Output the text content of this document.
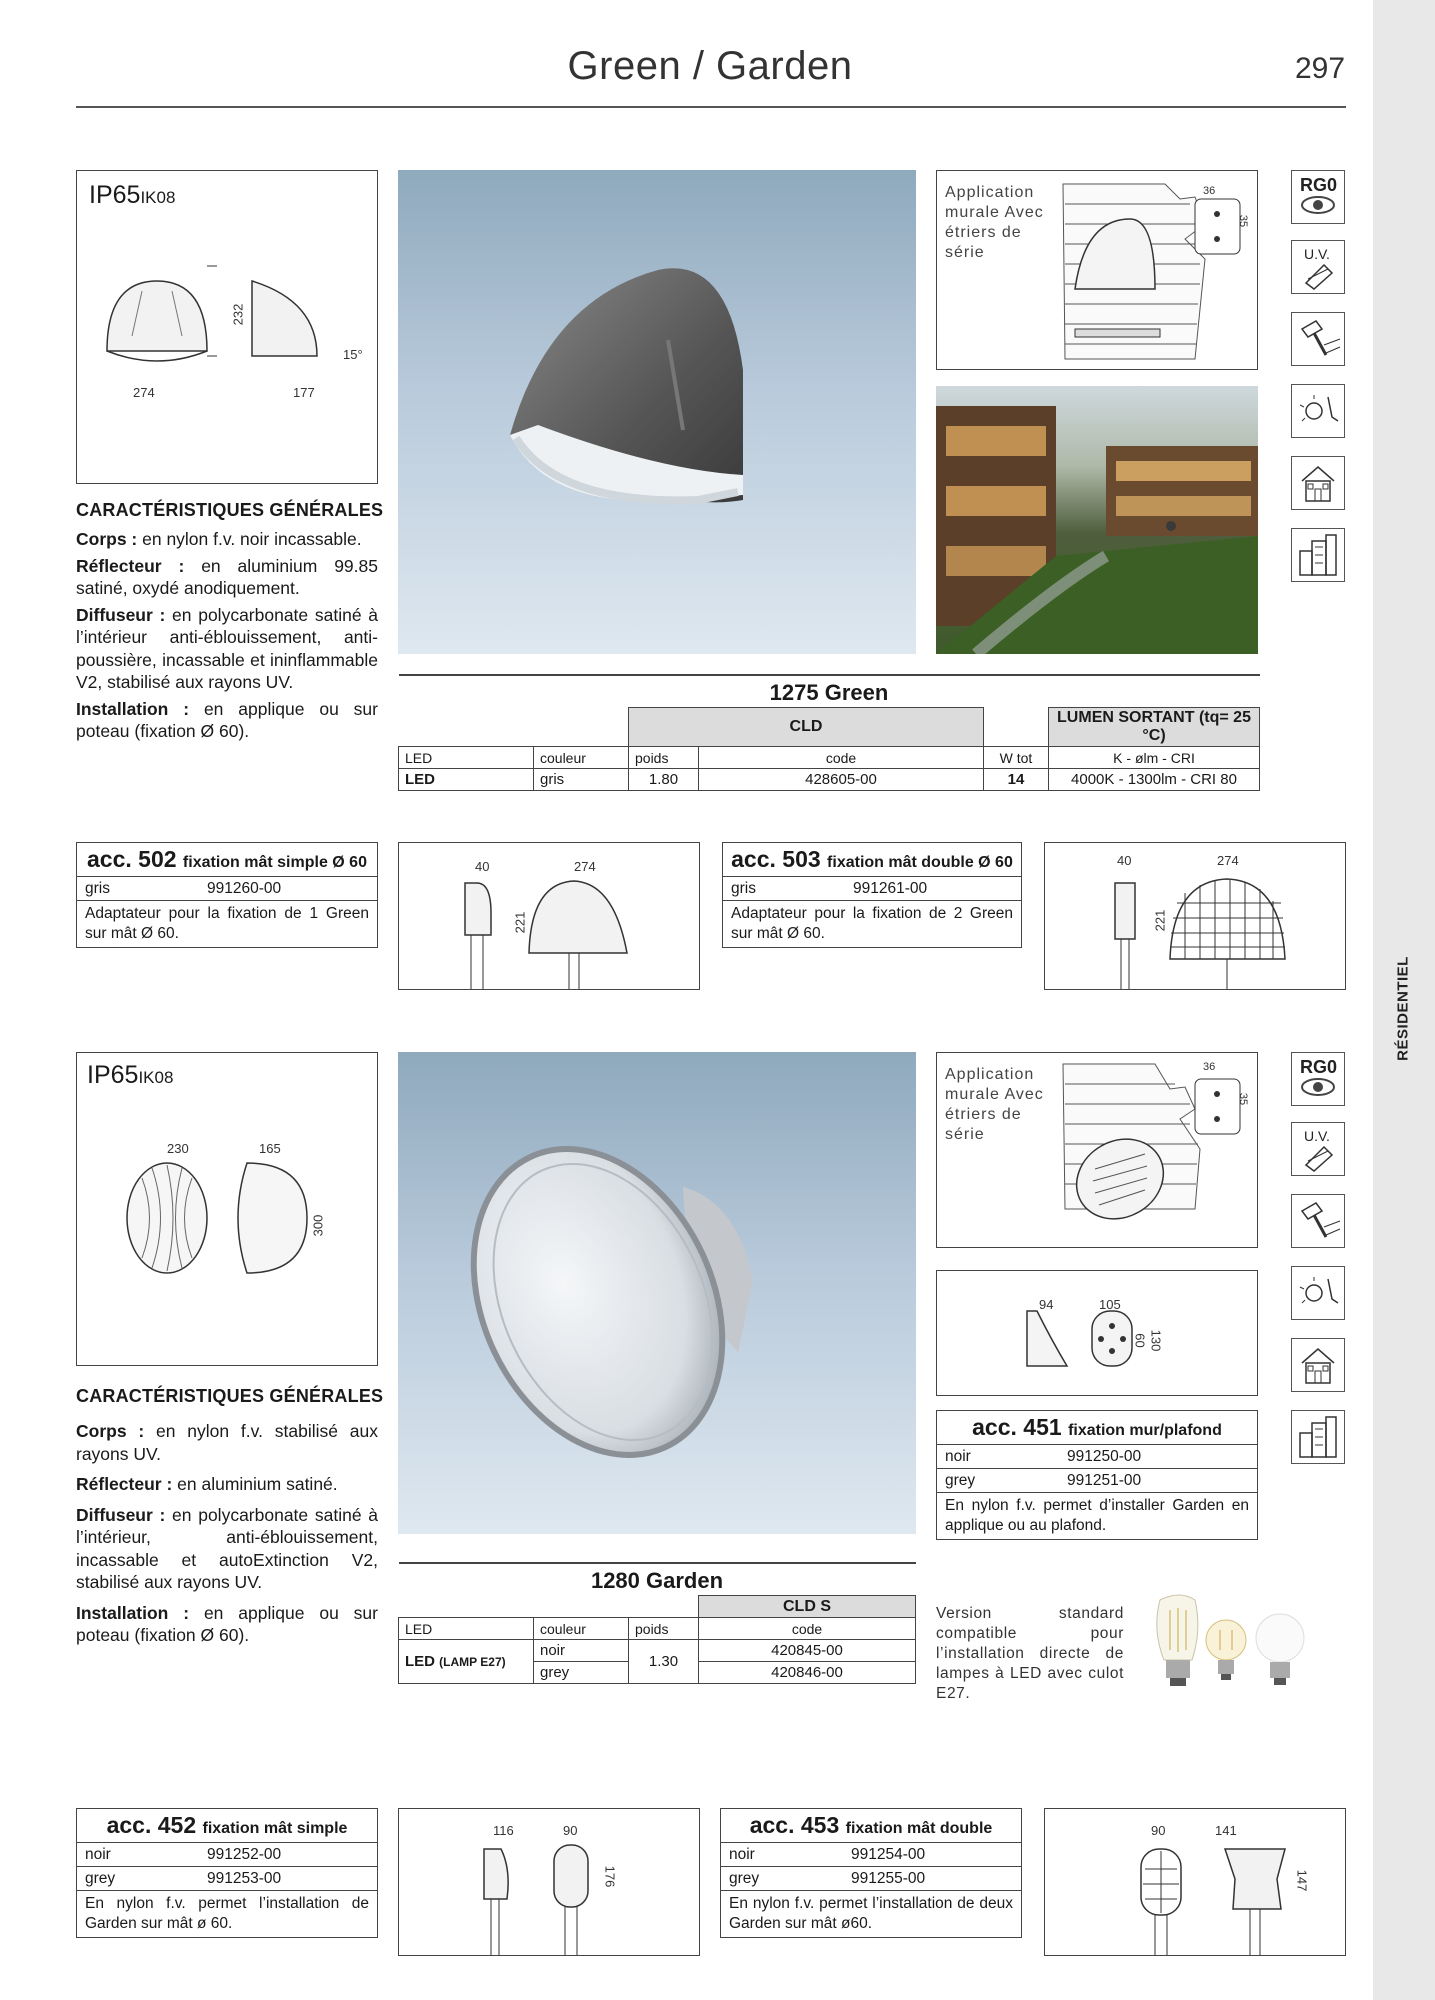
Green / Garden	297
RÉSIDENTIEL
IP65IK08
232
15°
274	177
CARACTÉRISTIQUES GÉNÉRALES

Corps : en nylon f.v. noir incassable.

Réflecteur : en aluminium 99.85 satiné, oxydé anodiquement.

Diffuseur : en polycarbonate satiné à l’intérieur anti-éblouissement, anti-poussière, incassable et ininflammable V2, stabilisé aux rayons UV.

Installation : en applique ou sur poteau (fixation Ø 60).

Application murale Avec étriers de série
36
35
RG0
U.V.
1275 Green					
		CLD			LUMEN SORTANT (tq= 25 °C)
LED	couleur	poids	code	W tot	K - ølm - CRI
LED	gris	1.80	428605-00	14	4000K - 1300lm - CRI 80
acc. 502 fixation mât simple Ø 60
gris	991260-00
Adaptateur pour la fixation de 1 Green sur mât Ø 60.
40	274
221
acc. 503 fixation mât double Ø 60
gris	991261-00
Adaptateur pour la fixation de 2 Green sur mât Ø 60.
40	274
221
IP65IK08
230	165
300
CARACTÉRISTIQUES GÉNÉRALES

Corps : en nylon f.v. stabilisé aux rayons UV.

Réflecteur : en aluminium satiné.

Diffuseur : en polycarbonate satiné à l’intérieur, anti-éblouissement, incassable et autoExtinction V2, stabilisé aux rayons UV.

Installation : en applique ou sur poteau (fixation Ø 60).

Application murale Avec étriers de série
36
35
94	105
60 130
acc. 451 fixation mur/plafond
noir	991250-00
grey	991251-00
En nylon f.v. permet d’installer Garden en applique ou au plafond.
RG0
U.V.
1280 Garden			
			CLD S
LED	couleur	poids	code
LED (LAMP E27)	noir	1.30	420845-00
	grey		420846-00
Version standard compatible pour l’installation directe de lampes à LED avec culot E27.
acc. 452 fixation mât simple
noir	991252-00
grey	991253-00
En nylon f.v. permet l’installation de Garden sur mât ø 60.
116	90
176
acc. 453 fixation mât double
noir	991254-00
grey	991255-00
En nylon f.v. permet l’installation de deux Garden sur mât ø60.
90	141
147
